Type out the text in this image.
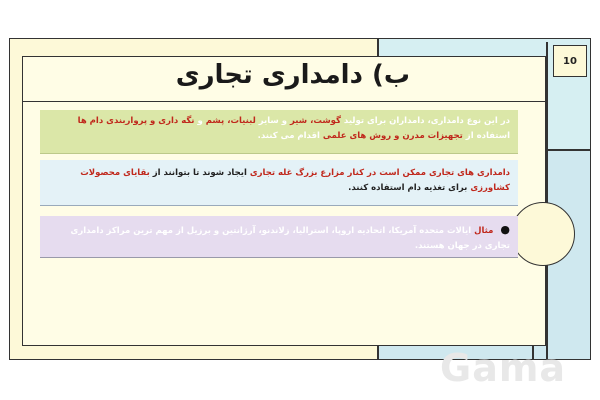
10
ب) دامداری تجاری
در این نوع دامداری، دامداران برای تولید گوشت، شیر و سایر لبنیات، پشم و نگه داری و پرواربندی دام ها استفاده از تجهیزات مدرن و روش های علمی اقدام می کنند.
دامداری های تجاری ممکن است در کنار مزارع بزرگ غله تجاری ایجاد شوند تا بتوانند از بقایای محصولات کشاورزی برای تغذیه دام استفاده کنند.
● مثال ایالات متحده آمریکا، اتحادیه اروپا، استرالیا، زلاندنو، آرژانتین و برزیل از مهم ترین مراکز دامداری تجاری در جهان هستند.
Gama
